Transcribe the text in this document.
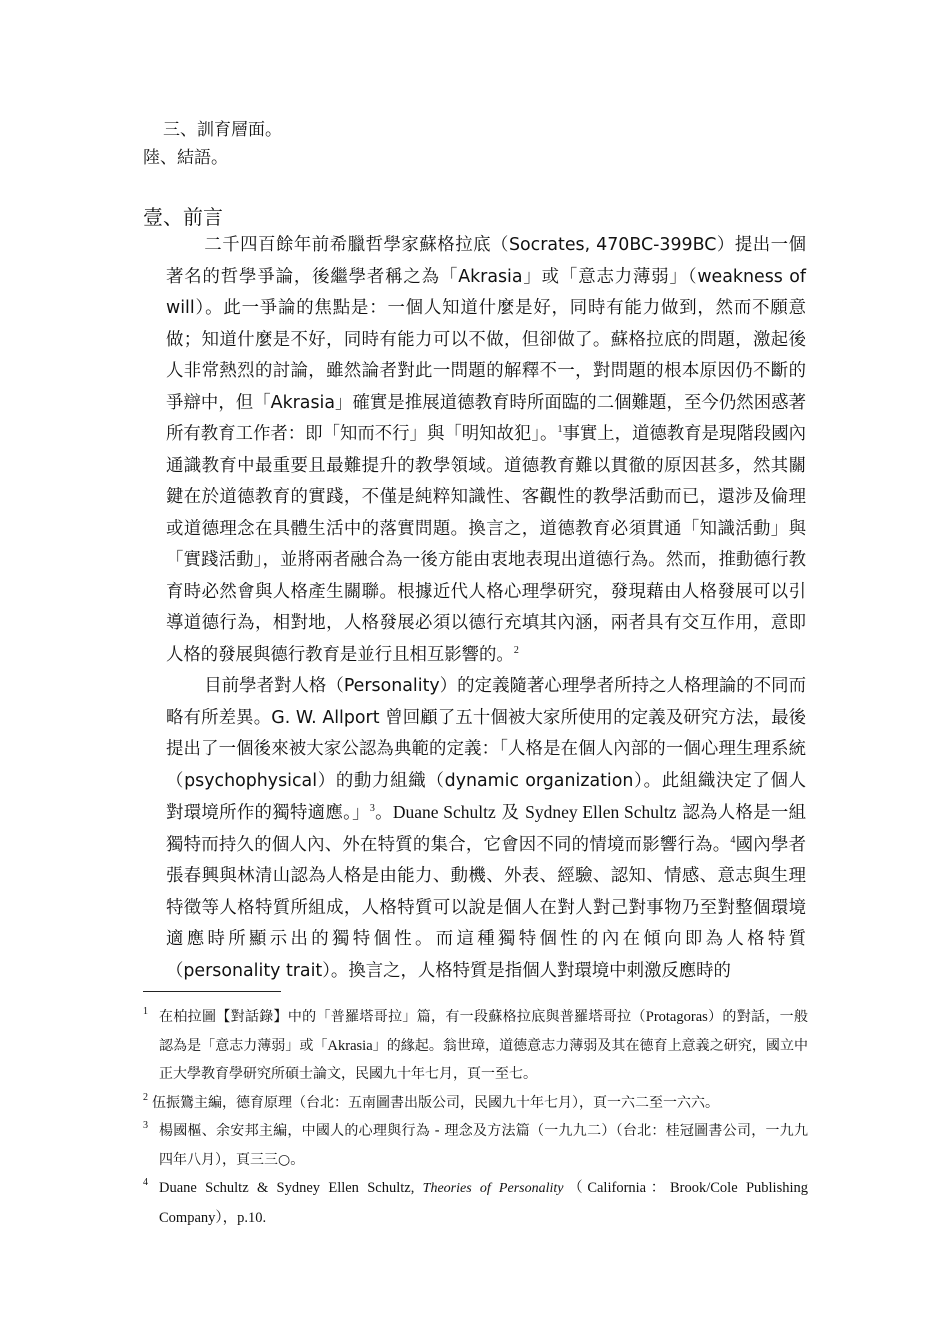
三、訓育層面。
陸、結語。
壹、前言

二千四百餘年前希臘哲學家蘇格拉底（Socrates, 470BC-399BC）提出一個著名的哲學爭論，後繼學者稱之為「Akrasia」或「意志力薄弱」（weakness of will）。此一爭論的焦點是：一個人知道什麼是好，同時有能力做到，然而不願意做；知道什麼是不好，同時有能力可以不做，但卻做了。蘇格拉底的問題，激起後人非常熱烈的討論，雖然論者對此一問題的解釋不一，對問題的根本原因仍不斷的爭辯中，但「Akrasia」確實是推展道德教育時所面臨的二個難題，至今仍然困惑著所有教育工作者：即「知而不行」與「明知故犯」。$^1$事實上，道德教育是現階段國內通識教育中最重要且最難提升的教學領域。道德教育難以貫徹的原因甚多，然其關鍵在於道德教育的實踐，不僅是純粹知識性、客觀性的教學活動而已，還涉及倫理或道德理念在具體生活中的落實問題。換言之，道德教育必須貫通「知識活動」與「實踐活動」，並將兩者融合為一後方能由衷地表現出道德行為。然而，推動德行教育時必然會與人格產生關聯。根據近代人格心理學研究，發現藉由人格發展可以引導道德行為，相對地，人格發展必須以德行充填其內涵，兩者具有交互作用，意即人格的發展與德行教育是並行且相互影響的。$^2$

目前學者對人格（Personality）的定義隨著心理學者所持之人格理論的不同而略有所差異。G. W. Allport 曾回顧了五十個被大家所使用的定義及研究方法，最後提出了一個後來被大家公認為典範的定義：「人格是在個人內部的一個心理生理系統（psychophysical）的動力組織（dynamic organization）。此組織決定了個人對環境所作的獨特適應。」$^3$。Duane Schultz 及 Sydney Ellen Schultz 認為人格是一組獨特而持久的個人內、外在特質的集合，它會因不同的情境而影響行為。$^4$國內學者張春興與林清山認為人格是由能力、動機、外表、經驗、認知、情感、意志與生理特徵等人格特質所組成，人格特質可以說是個人在對人對己對事物乃至對整個環境適應時所顯示出的獨特個性。而這種獨特個性的內在傾向即為人格特質（personality trait）。換言之，人格特質是指個人對環境中刺激反應時的

1 在柏拉圖【對話錄】中的「普羅塔哥拉」篇，有一段蘇格拉底與普羅塔哥拉（Protagoras）的對話，一般認為是「意志力薄弱」或「Akrasia」的緣起。翁世璋，道德意志力薄弱及其在德育上意義之研究，國立中正大學教育學研究所碩士論文，民國九十年七月，頁一至七。
2 伍振鷟主編，德育原理（台北：五南圖書出版公司，民國九十年七月），頁一六二至一六六。
3 楊國樞、余安邦主編，中國人的心理與行為 - 理念及方法篇（一九九二）（台北：桂冠圖書公司，一九九四年八月），頁三三○。
4 Duane Schultz & Sydney Ellen Schultz, Theories of Personality（California：Brook/Cole Publishing Company），p.10.
